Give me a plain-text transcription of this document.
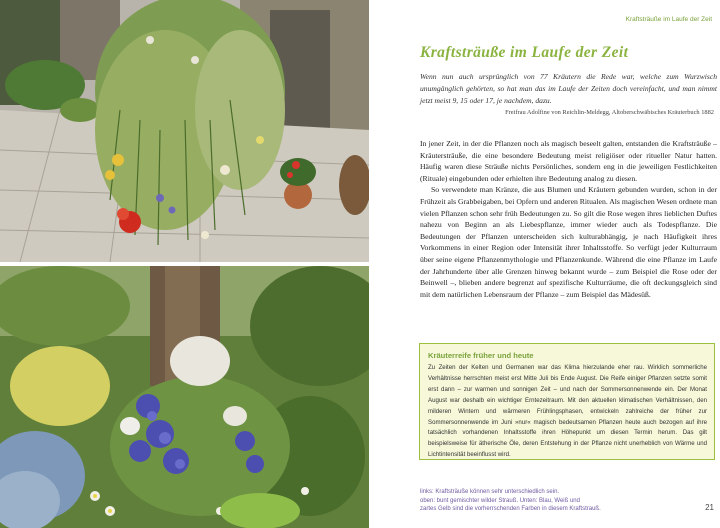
Kraftsträuße im Laufe der Zeit
Kraftsträuße im Laufe der Zeit

Wenn nun auch ursprünglich von 77 Kräutern die Rede war, welche zum Wurzwisch unumgänglich gehörten, so hat man das im Laufe der Zeiten doch vereinfacht, und man nimmt jetzt meist 9, 15 oder 17, je nachdem, dazu.

Freifrau Adolfine von Reichlin-Meldegg, Altoberschwäbisches Kräuterbuch 1882

In jener Zeit, in der die Pflanzen noch als magisch beseelt galten, entstanden die Kraftsträuße – Kräutersträuße, die eine besondere Bedeutung meist religiöser oder ritueller Natur hatten. Häufig waren diese Sträuße nichts Persönliches, sondern eng in die jeweiligen Festlichkeiten (Rituale) eingebunden oder erhielten ihre Bedeutung analog zu diesen.

So verwendete man Kränze, die aus Blumen und Kräutern gebunden wurden, schon in der Frühzeit als Grabbeigaben, bei Opfern und anderen Ritualen. Als magischen Wesen ordnete man vielen Pflanzen schon sehr früh Bedeutungen zu. So gilt die Rose wegen ihres lieblichen Duftes nahezu von Beginn an als Liebespflanze, immer wieder auch als Todespflanze. Die Bedeutungen der Pflanzen unterscheiden sich kulturabhängig, je nach Häufigkeit ihres Vorkommens in einer Region oder Intensität ihrer Inhaltsstoffe. So verfügt jeder Kulturraum über seine eigene Pflanzenmythologie und Pflanzenkunde. Während die eine Pflanze im Laufe der Jahrhunderte über alle Grenzen hinweg bekannt wurde – zum Beispiel die Rose oder der Beinwell –, blieben andere begrenzt auf spezifische Kulturräume, die oft deckungsgleich sind mit dem natürlichen Lebensraum der Pflanze – zum Beispiel das Mädesüß.

Kräuterreife früher und heute

Zu Zeiten der Kelten und Germanen war das Klima hierzulande eher rau. Wirklich sommerliche Verhältnisse herrschten meist erst Mitte Juli bis Ende August. Die Reife einiger Pflanzen setzte somit erst dann – zur warmen und sonnigen Zeit – und nach der Sommersonnenwende ein. Der Monat August war deshalb ein wichtiger Erntezeitraum. Mit den aktuellen klimatischen Verhältnissen, den milderen Wintern und wärmeren Frühlingsphasen, entwickeln zahlreiche der früher zur Sommersonnenwende im Juni »nur« magisch bedeutsamen Pflanzen heute auch bezogen auf ihre tatsächlich vorhandenen Inhaltsstoffe ihren Höhepunkt um diesen Termin herum. Das gilt beispielsweise für ätherische Öle, deren Entstehung in der Pflanze nicht unerheblich von Wärme und Lichtintensität beeinflusst wird.

links: Kraftsträuße können sehr unterschiedlich sein.
oben: bunt gemischter wilder Strauß. Unten: Blau, Weiß und
zartes Gelb sind die vorherrschenden Farben in diesem Kraftstrauß.	21
